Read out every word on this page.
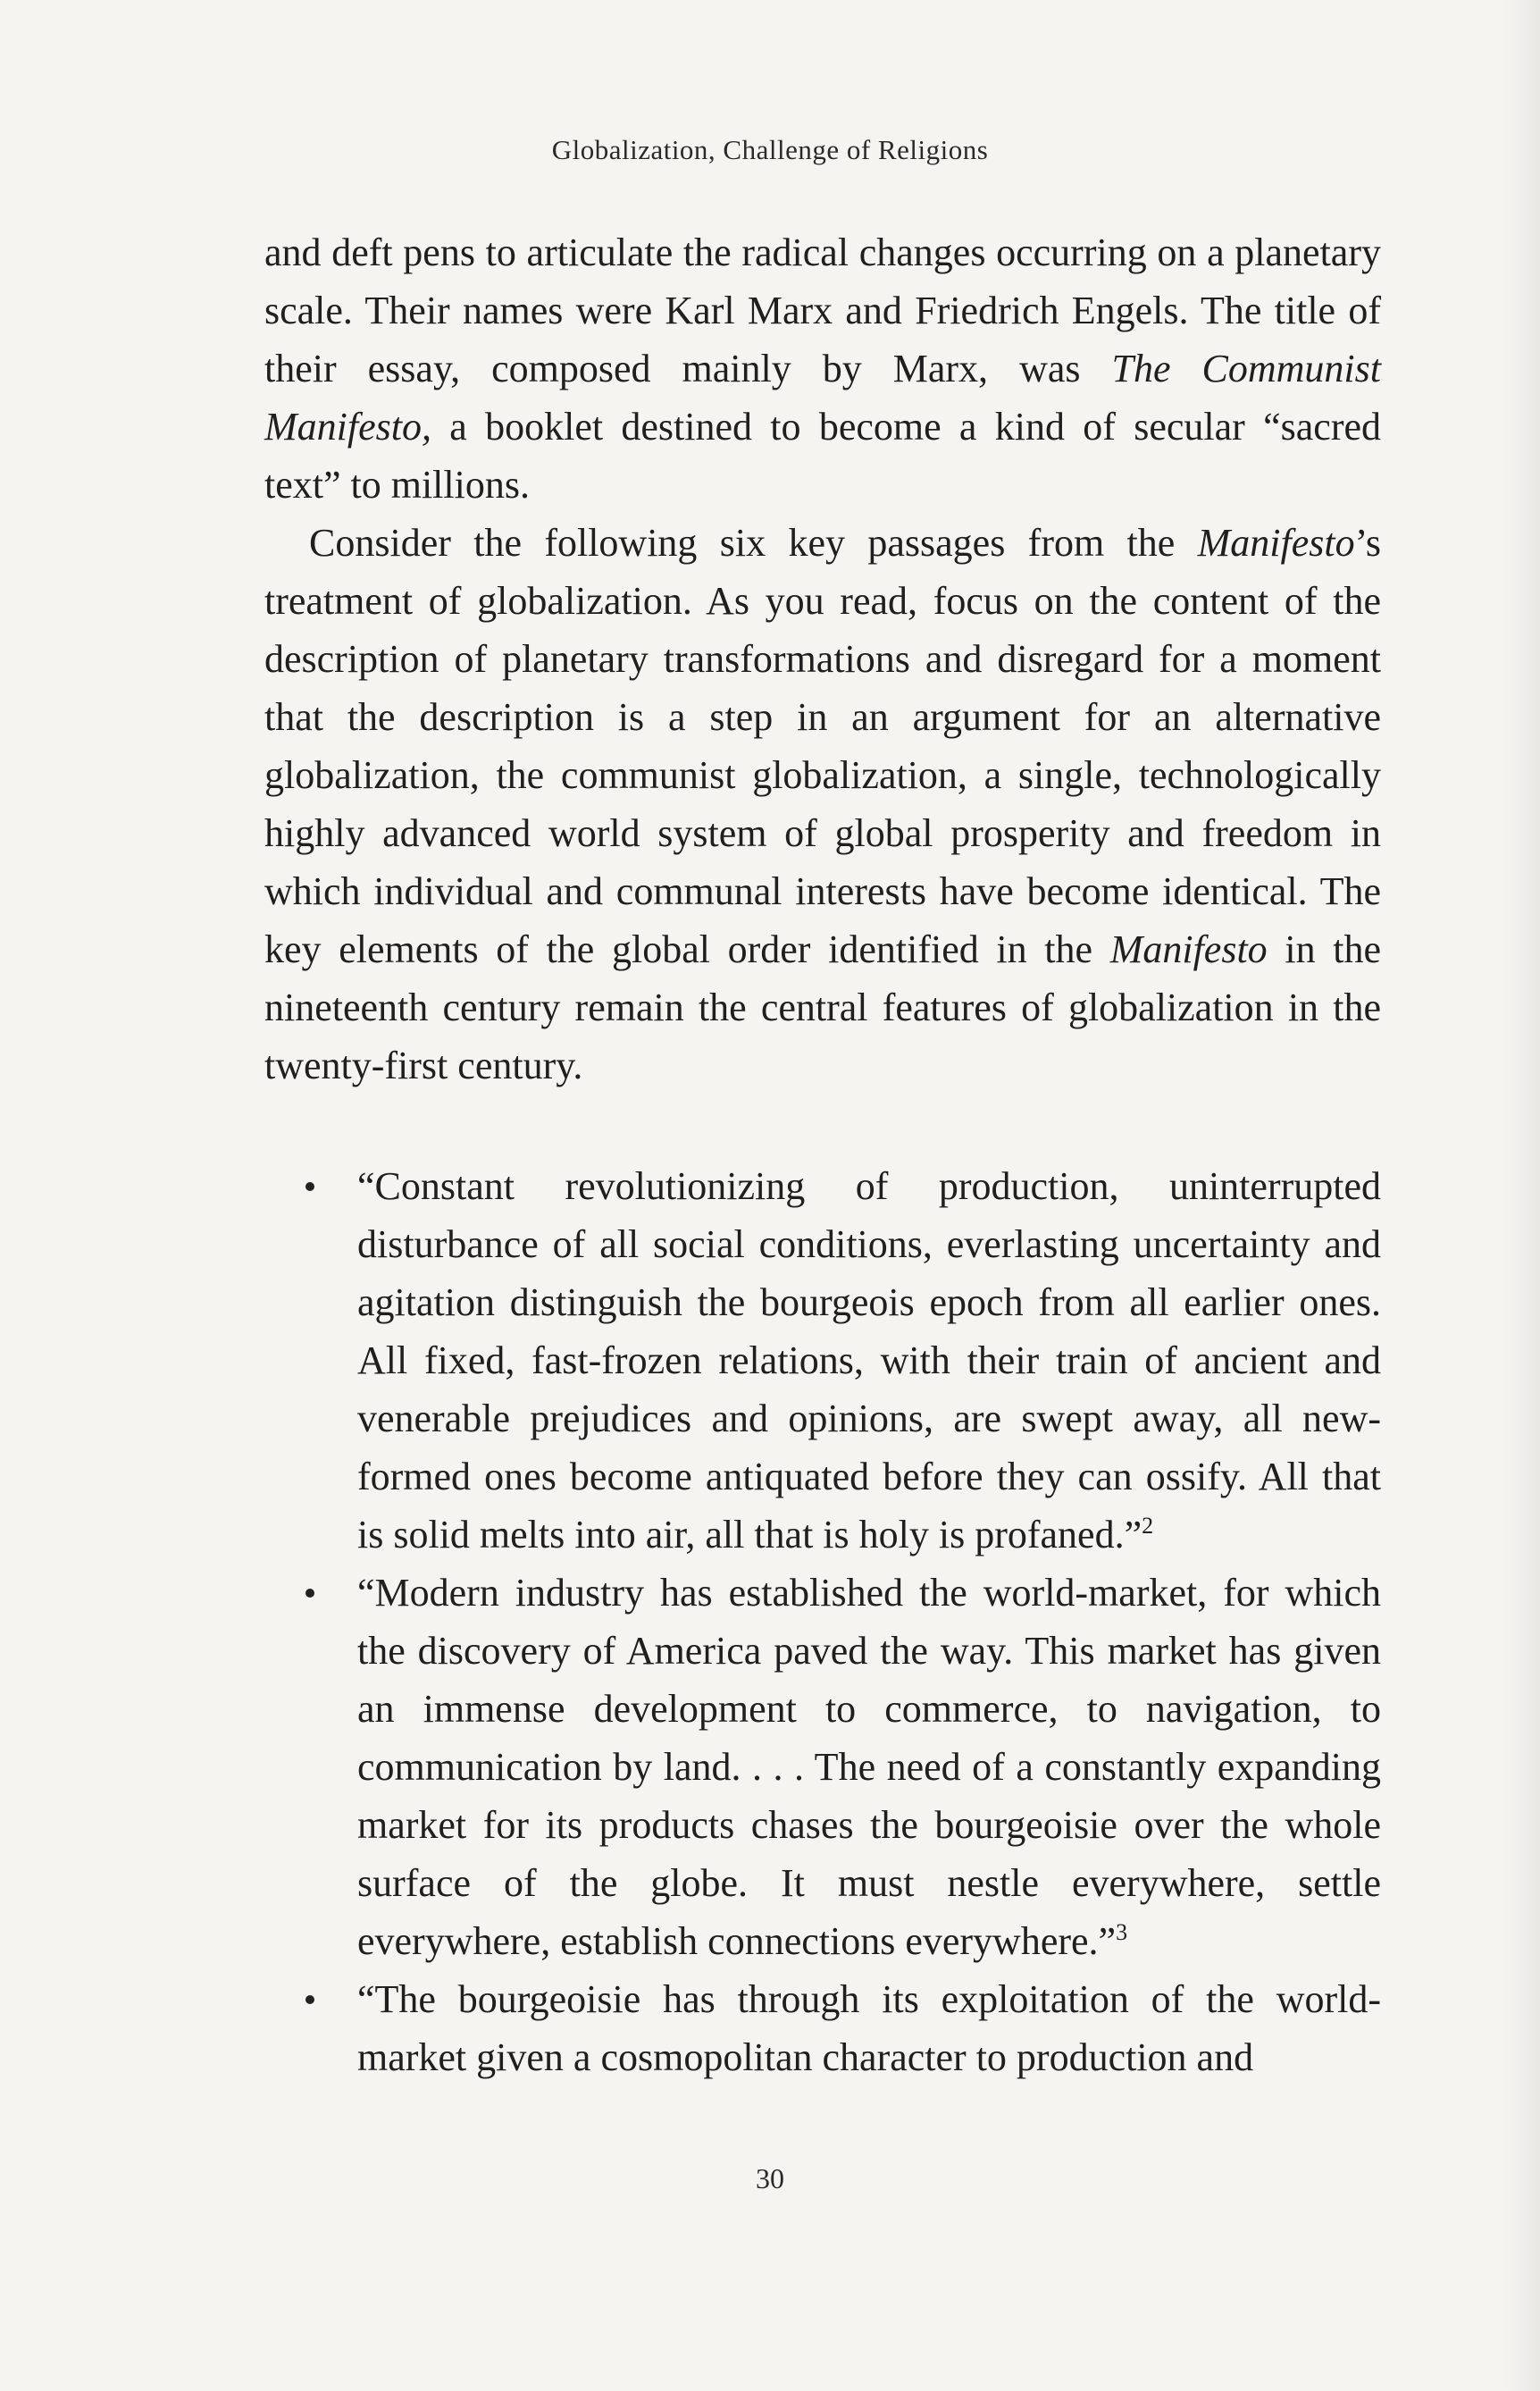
Globalization, Challenge of Religions

and deft pens to articulate the radical changes occurring on a planetary scale. Their names were Karl Marx and Friedrich Engels. The title of their essay, composed mainly by Marx, was The Communist Manifesto, a booklet destined to become a kind of secular “sacred text” to millions.

Consider the following six key passages from the Manifesto’s treatment of globalization. As you read, focus on the content of the description of planetary transformations and disregard for a moment that the description is a step in an argument for an alternative globalization, the communist globalization, a single, technologically highly advanced world system of global prosperity and freedom in which individual and communal interests have become identical. The key elements of the global order identified in the Manifesto in the nineteenth century remain the central features of globalization in the twenty-first century.

“Constant revolutionizing of production, uninterrupted disturbance of all social conditions, everlasting uncertainty and agitation distinguish the bourgeois epoch from all earlier ones. All fixed, fast-frozen relations, with their train of ancient and venerable prejudices and opinions, are swept away, all new-formed ones become antiquated before they can ossify. All that is solid melts into air, all that is holy is profaned.”$^2$
“Modern industry has established the world-market, for which the discovery of America paved the way. This market has given an immense development to commerce, to navigation, to communication by land. . . . The need of a constantly expanding market for its products chases the bourgeoisie over the whole surface of the globe. It must nestle everywhere, settle everywhere, establish connections everywhere.”$^3$
“The bourgeoisie has through its exploitation of the world-market given a cosmopolitan character to production and
30
